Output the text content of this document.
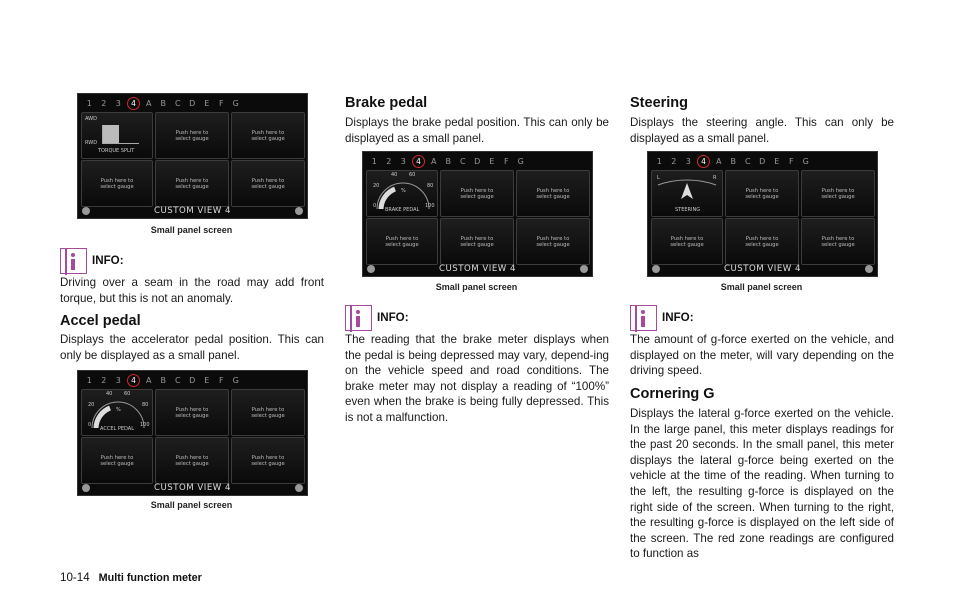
1	2	3	4	A	B	C	D	E	F	G
AWD
RWD
TORQUE SPLIT
Push here to
select gauge
Push here to
select gauge
Push here to
select gauge
Push here to
select gauge
Push here to
select gauge
CUSTOM VIEW 4
Small panel screen
INFO:

Driving over a seam in the road may add front torque, but this is not an anomaly.

Accel pedal

Displays the accelerator pedal position. This can only be displayed as a small panel.

1	2	3	4	A	B	C	D	E	F	G
40 60
20	80
%
0	100
ACCEL PEDAL
Push here to
select gauge
Push here to
select gauge
Push here to
select gauge
Push here to
select gauge
Push here to
select gauge
CUSTOM VIEW 4
Small panel screen
Brake pedal

Displays the brake pedal position. This can only be displayed as a small panel.

1	2	3	4	A	B	C	D	E	F	G
40 60
20	80
%
0	100
BRAKE PEDAL
Push here to
select gauge
Push here to
select gauge
Push here to
select gauge
Push here to
select gauge
Push here to
select gauge
CUSTOM VIEW 4
Small panel screen
INFO:

The reading that the brake meter displays when the pedal is being depressed may vary, depend-ing on the vehicle speed and road conditions. The brake meter may not display a reading of “100%” even when the brake is being fully depressed. This is not a malfunction.

Steering

Displays the steering angle. This can only be displayed as a small panel.

1	2	3	4	A	B	C	D	E	F	G
L	R
STEERING
Push here to
select gauge
Push here to
select gauge
Push here to
select gauge
Push here to
select gauge
Push here to
select gauge
CUSTOM VIEW 4
Small panel screen
INFO:

The amount of g-force exerted on the vehicle, and displayed on the meter, will vary depending on the driving speed.

Cornering G

Displays the lateral g-force exerted on the vehicle. In the large panel, this meter displays readings for the past 20 seconds. In the small panel, this meter displays the lateral g-force being exerted on the vehicle at the time of the reading. When turning to the left, the resulting g-force is displayed on the right side of the screen. When turning to the right, the resulting g-force is displayed on the left side of the screen. The red zone readings are configured to function as

10-14 Multi function meter
